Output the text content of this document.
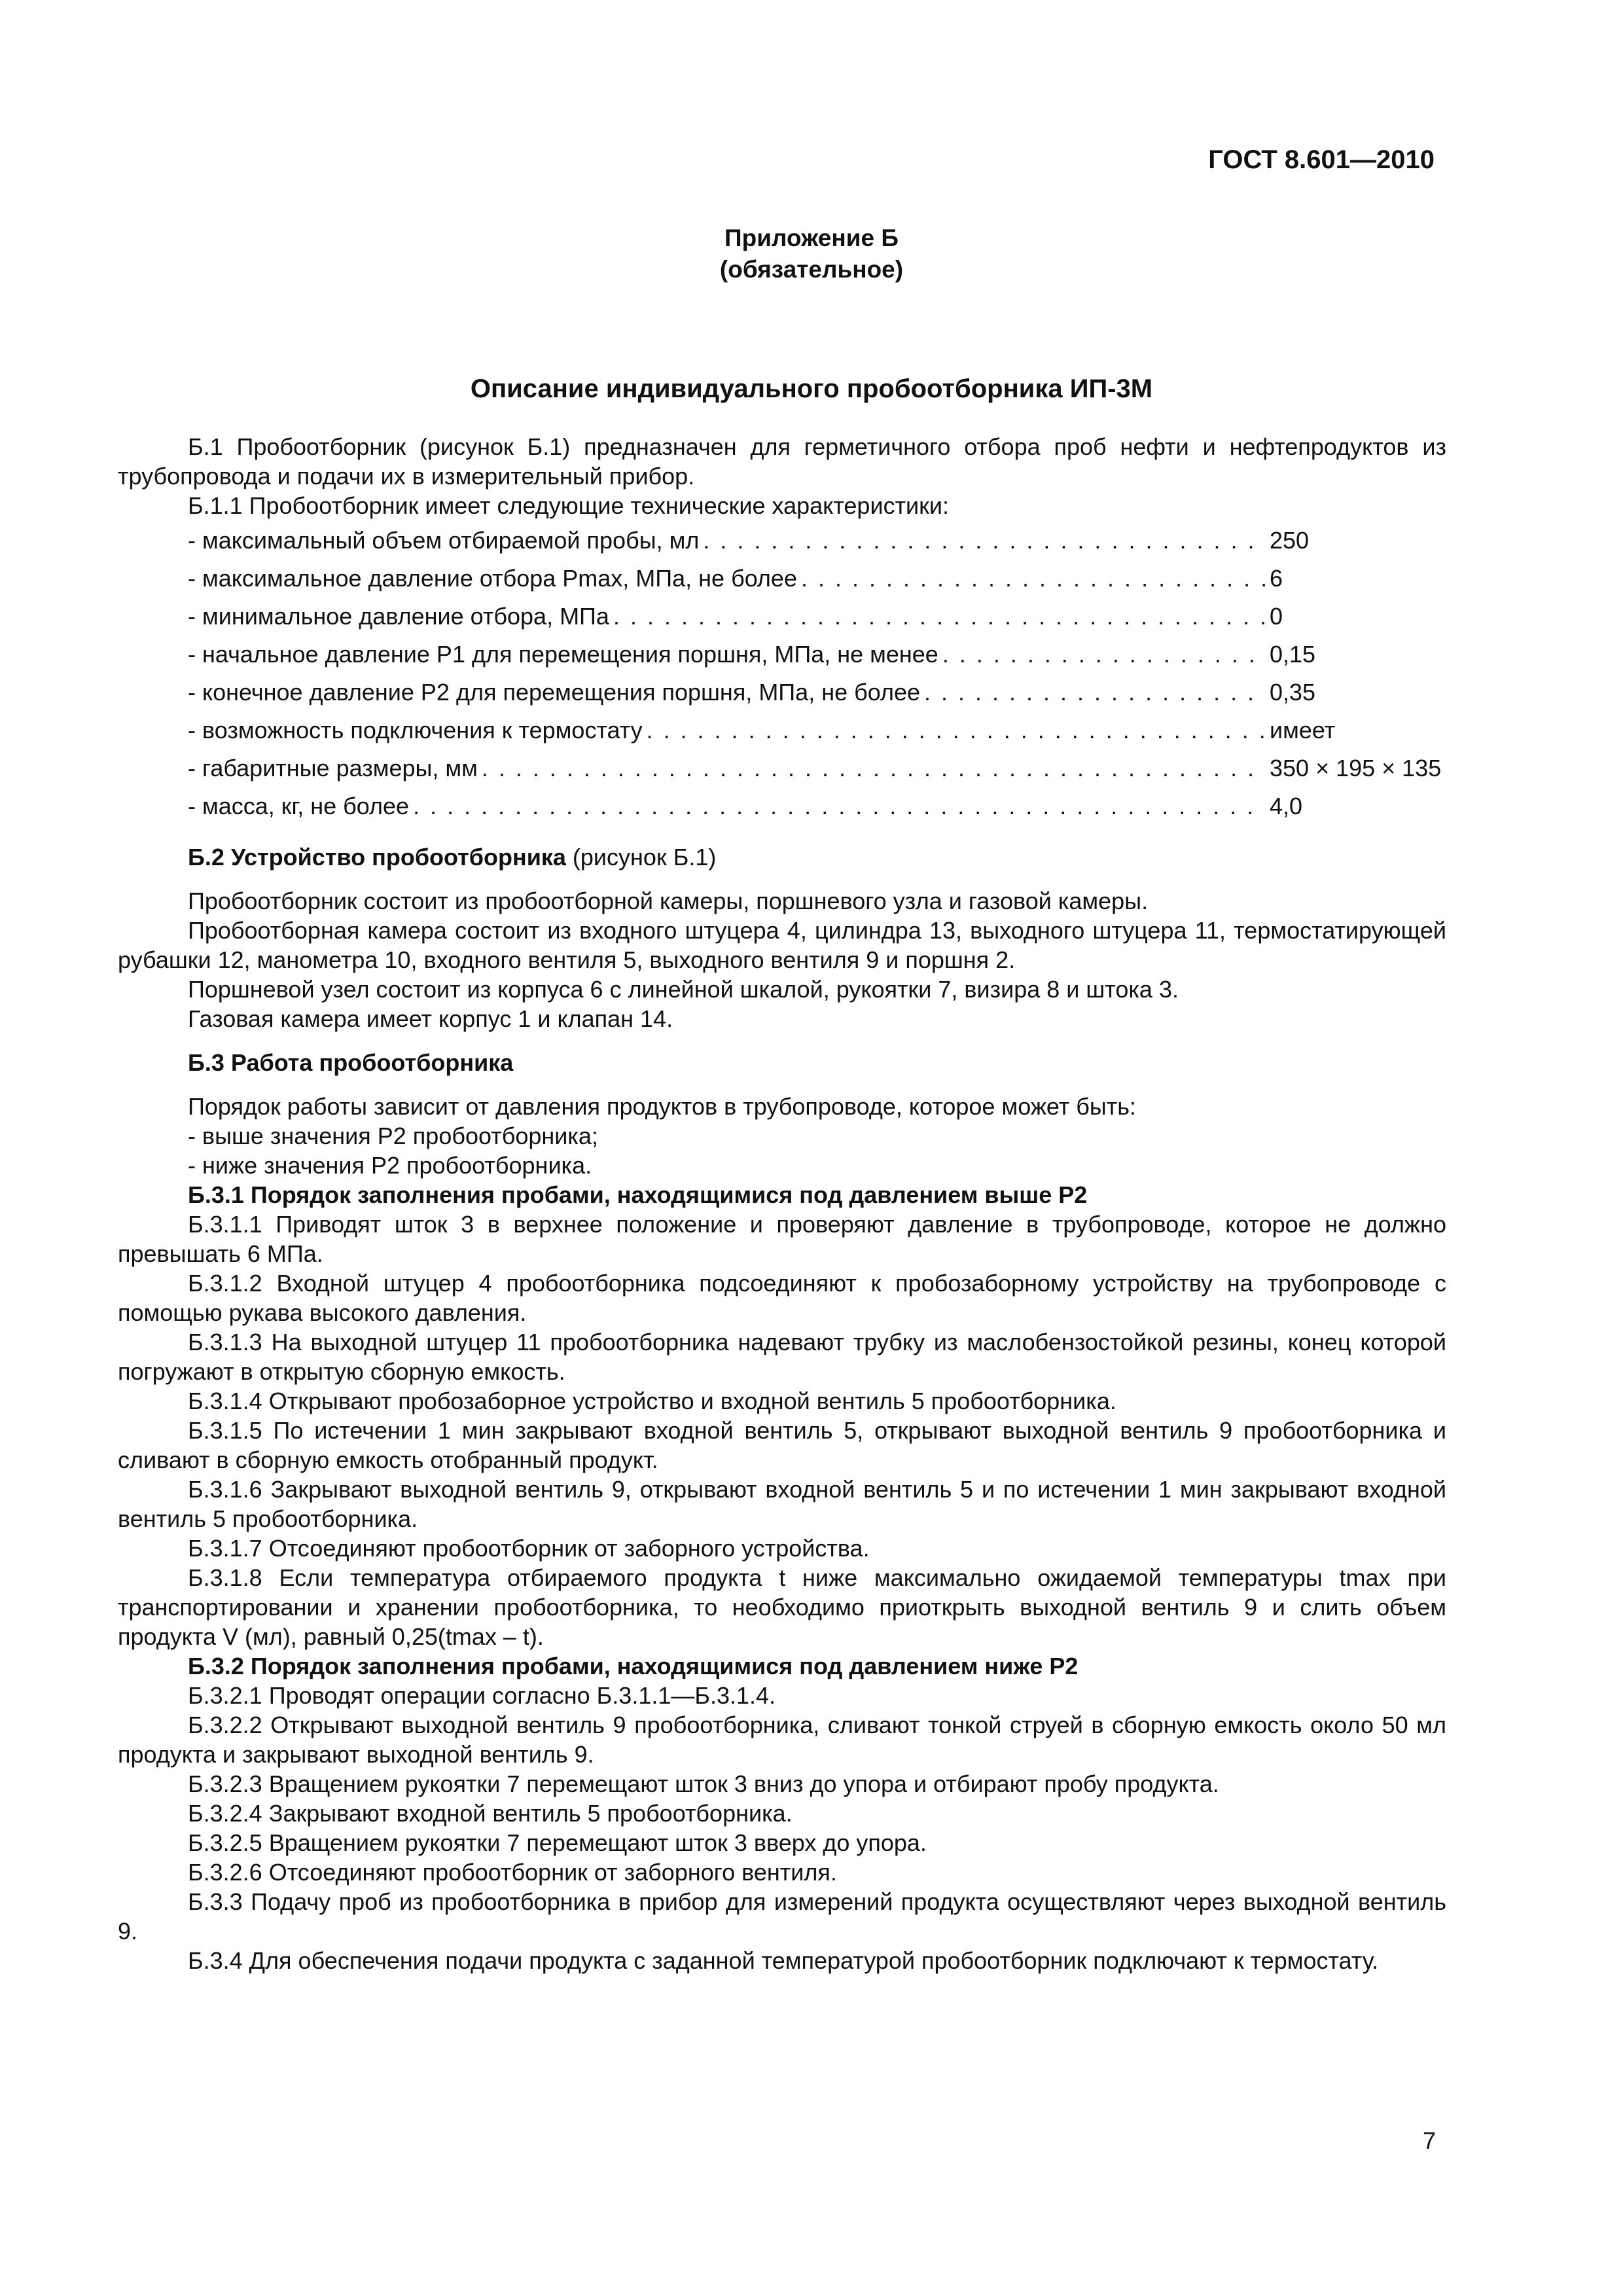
ГОСТ 8.601—2010
Приложение Б
(обязательное)
Описание индивидуального пробоотборника ИП-3М

Б.1 Пробоотборник (рисунок Б.1) предназначен для герметичного отбора проб нефти и нефтепродуктов из трубопровода и подачи их в измерительный прибор.

Б.1.1 Пробоотборник имеет следующие технические характеристики:

- максимальный объем отбираемой пробы, мл . . .	250
- максимальное давление отбора Pmax, МПа, не более . . .	6
- минимальное давление отбора, МПа . . .	0
- начальное давление P1 для перемещения поршня, МПа, не менее . . .	0,15
- конечное давление P2 для перемещения поршня, МПа, не более . . .	0,35
- возможность подключения к термостату . . .	имеет
- габаритные размеры, мм . . .	350 × 195 × 135
- масса, кг, не более . . .	4,0

Б.2 Устройство пробоотборника (рисунок Б.1)

Пробоотборник состоит из пробоотборной камеры, поршневого узла и газовой камеры.

Пробоотборная камера состоит из входного штуцера 4, цилиндра 13, выходного штуцера 11, термостатирующей рубашки 12, манометра 10, входного вентиля 5, выходного вентиля 9 и поршня 2.

Поршневой узел состоит из корпуса 6 с линейной шкалой, рукоятки 7, визира 8 и штока 3.

Газовая камера имеет корпус 1 и клапан 14.

Б.3 Работа пробоотборника

Порядок работы зависит от давления продуктов в трубопроводе, которое может быть:

- выше значения P2 пробоотборника;

- ниже значения P2 пробоотборника.

Б.3.1 Порядок заполнения пробами, находящимися под давлением выше P2

Б.3.1.1 Приводят шток 3 в верхнее положение и проверяют давление в трубопроводе, которое не должно превышать 6 МПа.

Б.3.1.2 Входной штуцер 4 пробоотборника подсоединяют к пробозаборному устройству на трубопроводе с помощью рукава высокого давления.

Б.3.1.3 На выходной штуцер 11 пробоотборника надевают трубку из маслобензостойкой резины, конец которой погружают в открытую сборную емкость.

Б.3.1.4 Открывают пробозаборное устройство и входной вентиль 5 пробоотборника.

Б.3.1.5 По истечении 1 мин закрывают входной вентиль 5, открывают выходной вентиль 9 пробоотборника и сливают в сборную емкость отобранный продукт.

Б.3.1.6 Закрывают выходной вентиль 9, открывают входной вентиль 5 и по истечении 1 мин закрывают входной вентиль 5 пробоотборника.

Б.3.1.7 Отсоединяют пробоотборник от заборного устройства.

Б.3.1.8 Если температура отбираемого продукта t ниже максимально ожидаемой температуры tmax при транспортировании и хранении пробоотборника, то необходимо приоткрыть выходной вентиль 9 и слить объем продукта V (мл), равный 0,25(tmax – t).

Б.3.2 Порядок заполнения пробами, находящимися под давлением ниже P2

Б.3.2.1 Проводят операции согласно Б.3.1.1—Б.3.1.4.

Б.3.2.2 Открывают выходной вентиль 9 пробоотборника, сливают тонкой струей в сборную емкость около 50 мл продукта и закрывают выходной вентиль 9.

Б.3.2.3 Вращением рукоятки 7 перемещают шток 3 вниз до упора и отбирают пробу продукта.

Б.3.2.4 Закрывают входной вентиль 5 пробоотборника.

Б.3.2.5 Вращением рукоятки 7 перемещают шток 3 вверх до упора.

Б.3.2.6 Отсоединяют пробоотборник от заборного вентиля.

Б.3.3 Подачу проб из пробоотборника в прибор для измерений продукта осуществляют через выходной вентиль 9.

Б.3.4 Для обеспечения подачи продукта с заданной температурой пробоотборник подключают к термостату.

7
